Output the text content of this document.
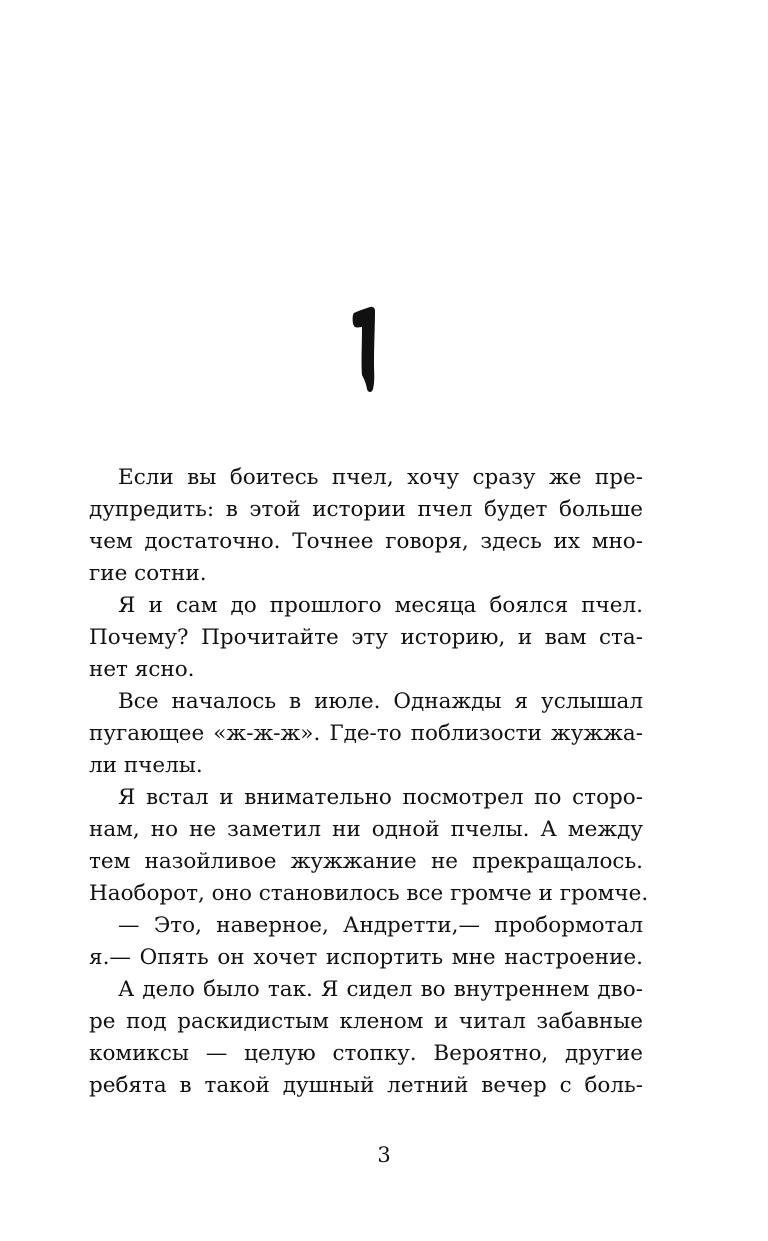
1
Если вы боитесь пчел, хочу сразу же пре-
дупредить: в этой истории пчел будет больше
чем достаточно. Точнее говоря, здесь их мно-
гие сотни.
Я и сам до прошлого месяца боялся пчел.
Почему? Прочитайте эту историю, и вам ста-
нет ясно.
Все началось в июле. Однажды я услышал
пугающее «ж-ж-ж». Где-то поблизости жужжа-
ли пчелы.
Я встал и внимательно посмотрел по сторо-
нам, но не заметил ни одной пчелы. А между
тем назойливое жужжание не прекращалось.
Наоборот, оно становилось все громче и громче.
— Это, наверное, Андретти,— пробормотал
я.— Опять он хочет испортить мне настроение.
А дело было так. Я сидел во внутреннем дво-
ре под раскидистым кленом и читал забавные
комиксы — целую стопку. Вероятно, другие
ребята в такой душный летний вечер с боль-
3
